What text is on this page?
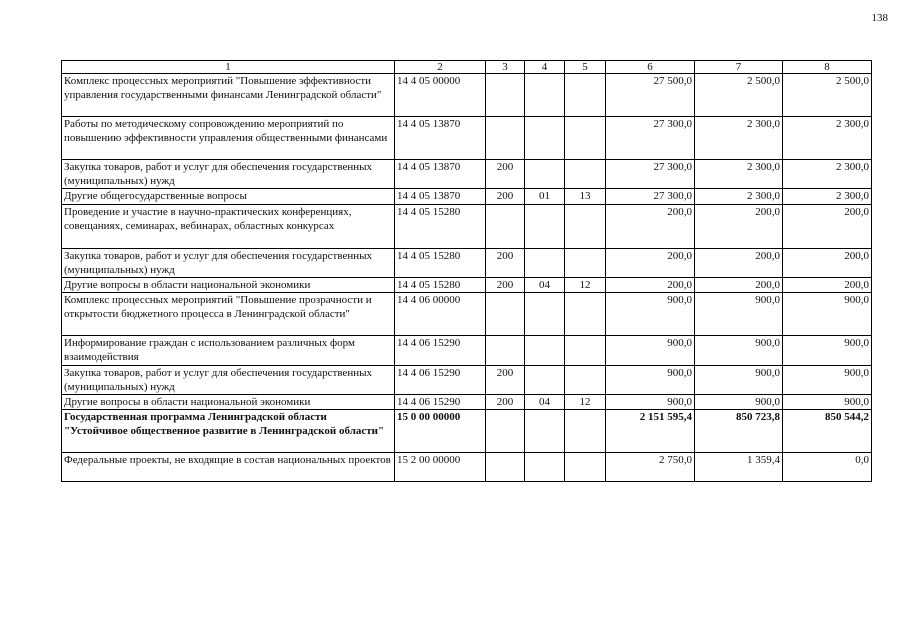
138
1	2	3	4	5	6	7	8
Комплекс процессных мероприятий "Повышение эффективности управления государственными финансами Ленинградской области"	14 4 05 00000				27 500,0	2 500,0	2 500,0
Работы по методическому сопровождению мероприятий по повышению эффективности управления общественными финансами	14 4 05 13870				27 300,0	2 300,0	2 300,0
Закупка товаров, работ и услуг для обеспечения государственных (муниципальных) нужд	14 4 05 13870	200			27 300,0	2 300,0	2 300,0
Другие общегосударственные вопросы	14 4 05 13870	200	01	13	27 300,0	2 300,0	2 300,0
Проведение и участие в научно-практических конференциях, совещаниях, семинарах, вебинарах, областных конкурсах	14 4 05 15280				200,0	200,0	200,0
Закупка товаров, работ и услуг для обеспечения государственных (муниципальных) нужд	14 4 05 15280	200			200,0	200,0	200,0
Другие вопросы в области национальной экономики	14 4 05 15280	200	04	12	200,0	200,0	200,0
Комплекс процессных мероприятий "Повышение прозрачности и открытости бюджетного процесса в Ленинградской области"	14 4 06 00000				900,0	900,0	900,0
Информирование граждан с использованием различных форм взаимодействия	14 4 06 15290				900,0	900,0	900,0
Закупка товаров, работ и услуг для обеспечения государственных (муниципальных) нужд	14 4 06 15290	200			900,0	900,0	900,0
Другие вопросы в области национальной экономики	14 4 06 15290	200	04	12	900,0	900,0	900,0
Государственная программа Ленинградской области "Устойчивое общественное развитие в Ленинградской области"	15 0 00 00000				2 151 595,4	850 723,8	850 544,2
Федеральные проекты, не входящие в состав национальных проектов	15 2 00 00000				2 750,0	1 359,4	0,0
